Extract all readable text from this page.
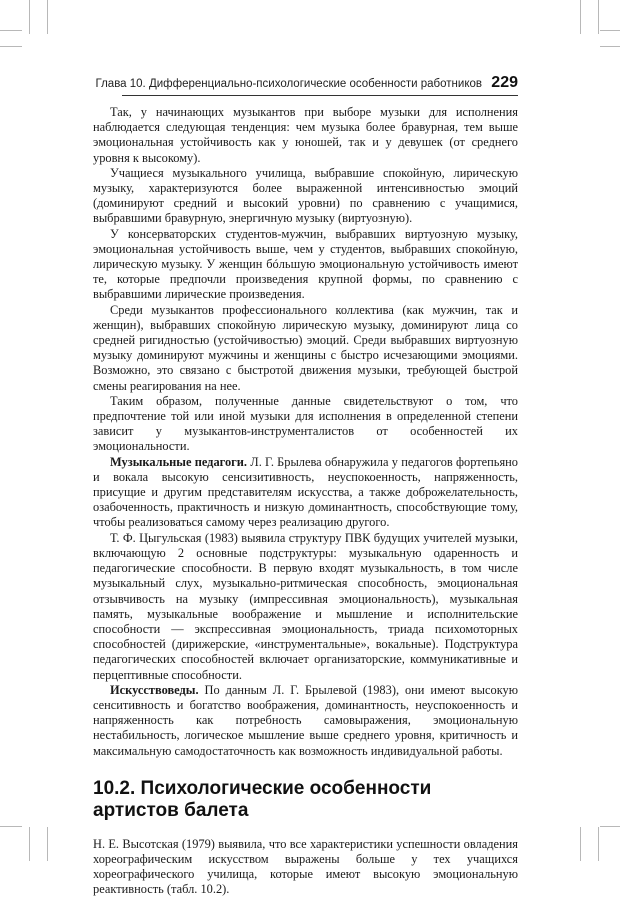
Глава 10. Дифференциально-психологические особенности работников 229

Так, у начинающих музыкантов при выборе музыки для исполнения наблюдается следующая тенденция: чем музыка более бравурная, тем выше эмоциональная устойчивость как у юношей, так и у девушек (от среднего уровня к высокому).

Учащиеся музыкального училища, выбравшие спокойную, лирическую музыку, характеризуются более выраженной интенсивностью эмоций (доминируют средний и высокий уровни) по сравнению с учащимися, выбравшими бравурную, энергичную музыку (виртуозную).

У консерваторских студентов-мужчин, выбравших виртуозную музыку, эмоциональная устойчивость выше, чем у студентов, выбравших спокойную, лирическую музыку. У женщин бóльшую эмоциональную устойчивость имеют те, которые предпочли произведения крупной формы, по сравнению с выбравшими лирические произведения.

Среди музыкантов профессионального коллектива (как мужчин, так и женщин), выбравших спокойную лирическую музыку, доминируют лица со средней ригидностью (устойчивостью) эмоций. Среди выбравших виртуозную музыку доминируют мужчины и женщины с быстро исчезающими эмоциями. Возможно, это связано с быстротой движения музыки, требующей быстрой смены реагирования на нее.

Таким образом, полученные данные свидетельствуют о том, что предпочтение той или иной музыки для исполнения в определенной степени зависит у музыкантов-инструменталистов от особенностей их эмоциональности.

Музыкальные педагоги. Л. Г. Брылева обнаружила у педагогов фортепьяно и вокала высокую сенсизитивность, неуспокоенность, напряженность, присущие и другим представителям искусства, а также доброжелательность, озабоченность, практичность и низкую доминантность, способствующие тому, чтобы реализоваться самому через реализацию другого.

Т. Ф. Цыгульская (1983) выявила структуру ПВК будущих учителей музыки, включающую 2 основные подструктуры: музыкальную одаренность и педагогические способности. В первую входят музыкальность, в том числе музыкальный слух, музыкально-ритмическая способность, эмоциональная отзывчивость на музыку (импрессивная эмоциональность), музыкальная память, музыкальные воображение и мышление и исполнительские способности — экспрессивная эмоциональность, триада психомоторных способностей (дирижерские, «инструментальные», вокальные). Подструктура педагогических способностей включает организаторские, коммуникативные и перцептивные способности.

Искусствоведы. По данным Л. Г. Брылевой (1983), они имеют высокую сенситивность и богатство воображения, доминантность, неуспокоенность и напряженность как потребность самовыражения, эмоциональную нестабильность, логическое мышление выше среднего уровня, критичность и максимальную самодостаточность как возможность индивидуальной работы.

10.2. Психологические особенности артистов балета

Н. Е. Высотская (1979) выявила, что все характеристики успешности овладения хореографическим искусством выражены больше у тех учащихся хореографического училища, которые имеют высокую эмоциональную реактивность (табл. 10.2).
